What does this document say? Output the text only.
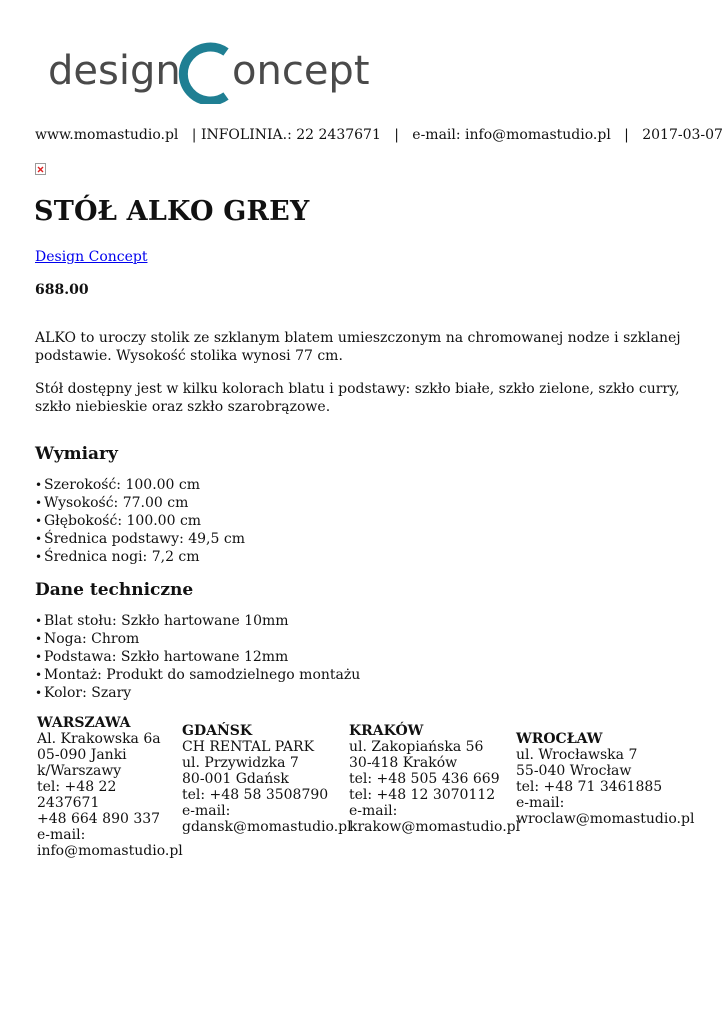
design oncept
www.momastudio.pl   | INFOLINIA.: 22 2437671   |   e-mail: info@momastudio.pl   |   2017-03-07
STÓŁ ALKO GREY
Design Concept
688.00

ALKO to uroczy stolik ze szklanym blatem umieszczonym na chromowanej nodze i szklanej podstawie. Wysokość stolika wynosi 77 cm.

Stół dostępny jest w kilku kolorach blatu i podstawy: szkło białe, szkło zielone, szkło curry, szkło niebieskie oraz szkło szarobrązowe.

Wymiary
• Szerokość: 100.00 cm
• Wysokość: 77.00 cm
• Głębokość: 100.00 cm
• Średnica podstawy: 49,5 cm
• Średnica nogi: 7,2 cm
Dane techniczne
• Blat stołu: Szkło hartowane 10mm
• Noga: Chrom
• Podstawa: Szkło hartowane 12mm
• Montaż: Produkt do samodzielnego montażu
• Kolor: Szary
WARSZAWA
Al. Krakowska 6a
05-090 Janki
k/Warszawy
tel: +48 22 2437671
+48 664 890 337
e-mail:
info@momastudio.pl
GDAŃSK
CH RENTAL PARK
ul. Przywidzka 7
80-001 Gdańsk
tel: +48 58 3508790
e-mail:
gdansk@momastudio.pl
KRAKÓW
ul. Zakopiańska 56
30-418 Kraków
tel: +48 505 436 669
tel: +48 12 3070112
e-mail:
krakow@momastudio.pl
WROCŁAW
ul. Wrocławska 7
55-040 Wrocław
tel: +48 71 3461885
e-mail:
wroclaw@momastudio.pl
